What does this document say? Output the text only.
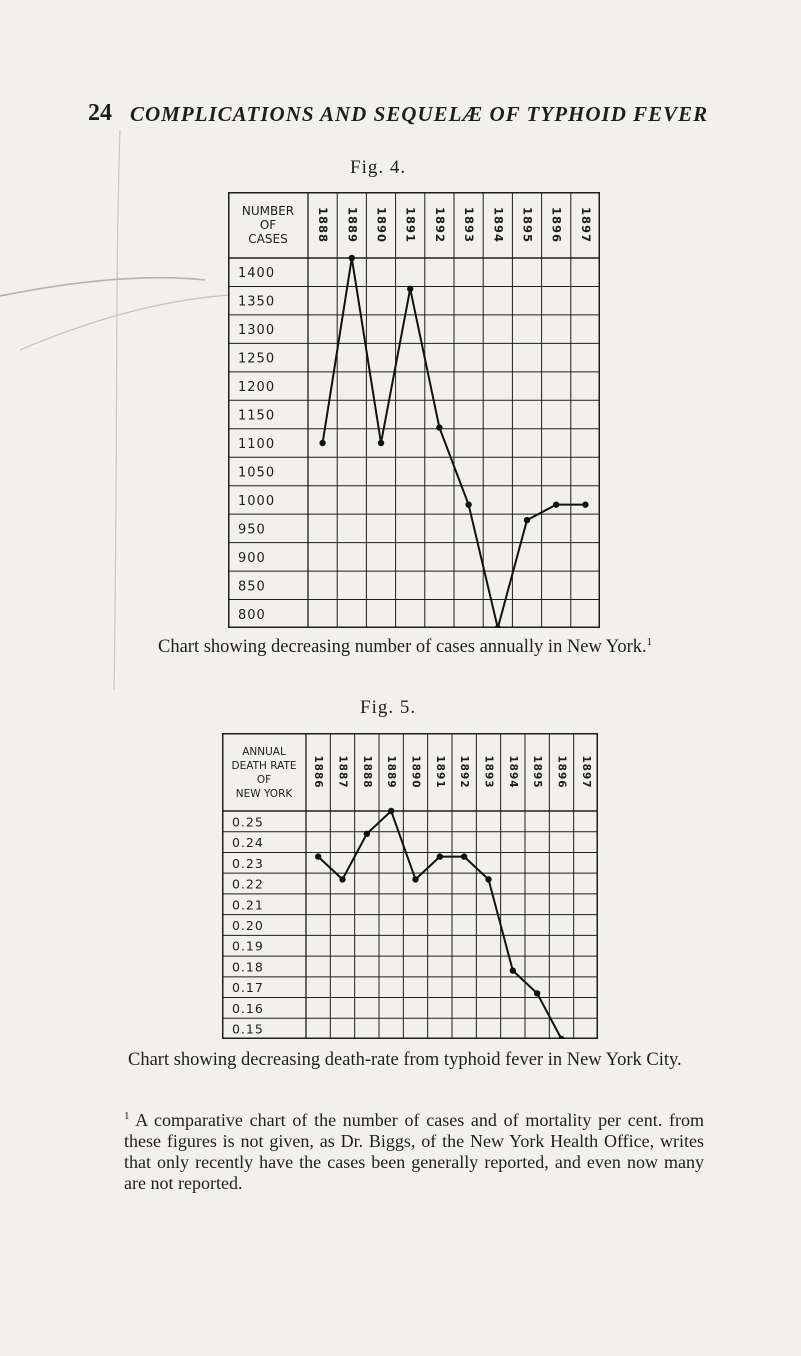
24 COMPLICATIONS AND SEQUELÆ OF TYPHOID FEVER
Fig. 4.
NUMBER
OF
CASES 1888 1889 1890 1891 1892 1893 1894 1895 1896 1897
1400
1350
1300
1250
1200
1150
1100
1050
1000
950
900
850
800
Chart showing decreasing number of cases annually in New York.$^1$
Fig. 5.
ANNUAL
DEATH RATE
OF
NEW YORK
1886 1887 1888 1889 1890 1891 1892 1893 1894 1895 1896 1897
0.25
0.24
0.23
0.22
0.21
0.20
0.19
0.18
0.17
0.16
0.15
Chart showing decreasing death-rate from typhoid fever in New York City.
$^1$ A comparative chart of the number of cases and of mortality per cent. from these figures is not given, as Dr. Biggs, of the New York Health Office, writes that only recently have the cases been generally reported, and even now many are not reported.
